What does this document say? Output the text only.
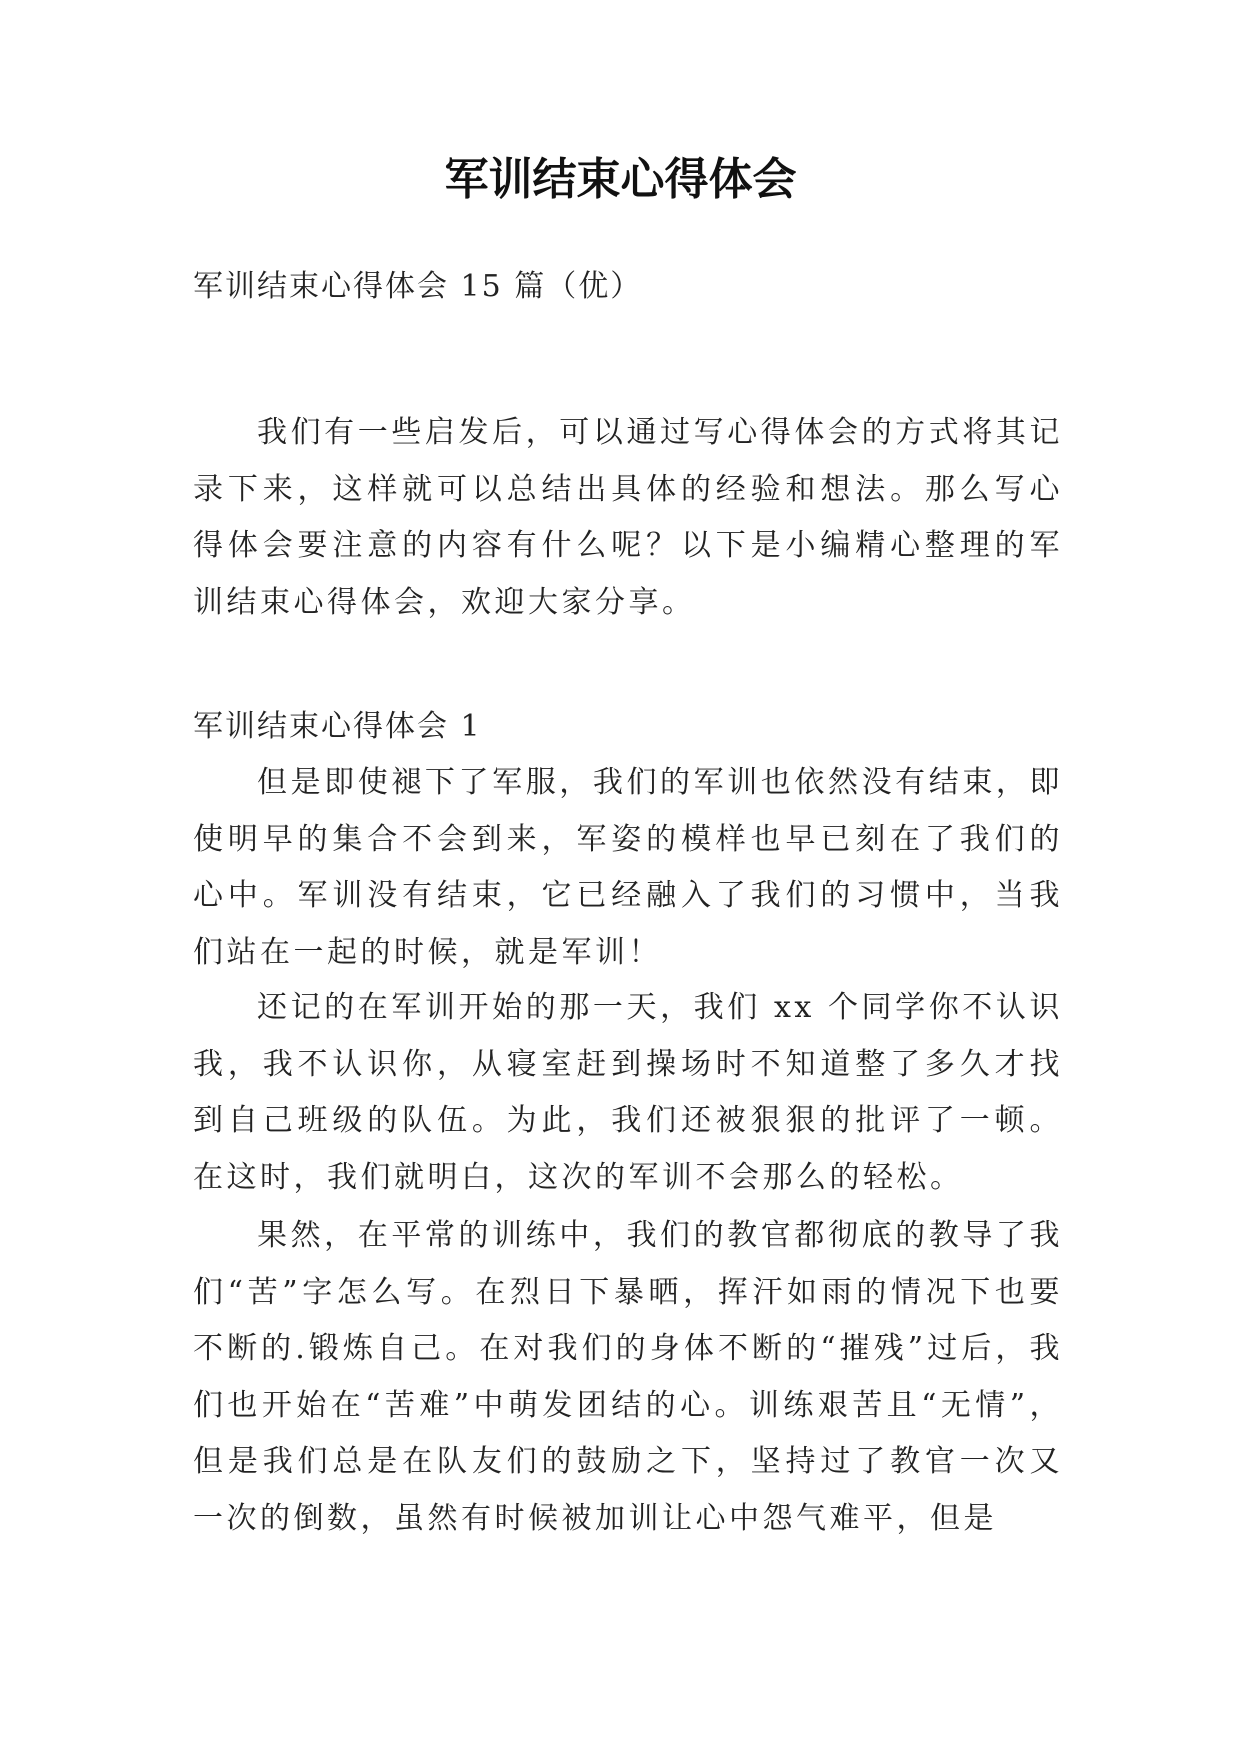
军训结束心得体会

军训结束心得体会 15 篇（优）

我们有一些启发后，可以通过写心得体会的方式将其记录下来，这样就可以总结出具体的经验和想法。那么写心得体会要注意的内容有什么呢？以下是小编精心整理的军训结束心得体会，欢迎大家分享。

军训结束心得体会 1

但是即使褪下了军服，我们的军训也依然没有结束，即使明早的集合不会到来，军姿的模样也早已刻在了我们的心中。军训没有结束，它已经融入了我们的习惯中，当我们站在一起的时候，就是军训！

还记的在军训开始的那一天，我们 xx 个同学你不认识我，我不认识你，从寝室赶到操场时不知道整了多久才找到自己班级的队伍。为此，我们还被狠狠的批评了一顿。在这时，我们就明白，这次的军训不会那么的轻松。

果然，在平常的训练中，我们的教官都彻底的教导了我们“苦”字怎么写。在烈日下暴晒，挥汗如雨的情况下也要不断的.锻炼自己。在对我们的身体不断的“摧残”过后，我们也开始在“苦难”中萌发团结的心。训练艰苦且“无情”，但是我们总是在队友们的鼓励之下，坚持过了教官一次又一次的倒数，虽然有时候被加训让心中怨气难平，但是
